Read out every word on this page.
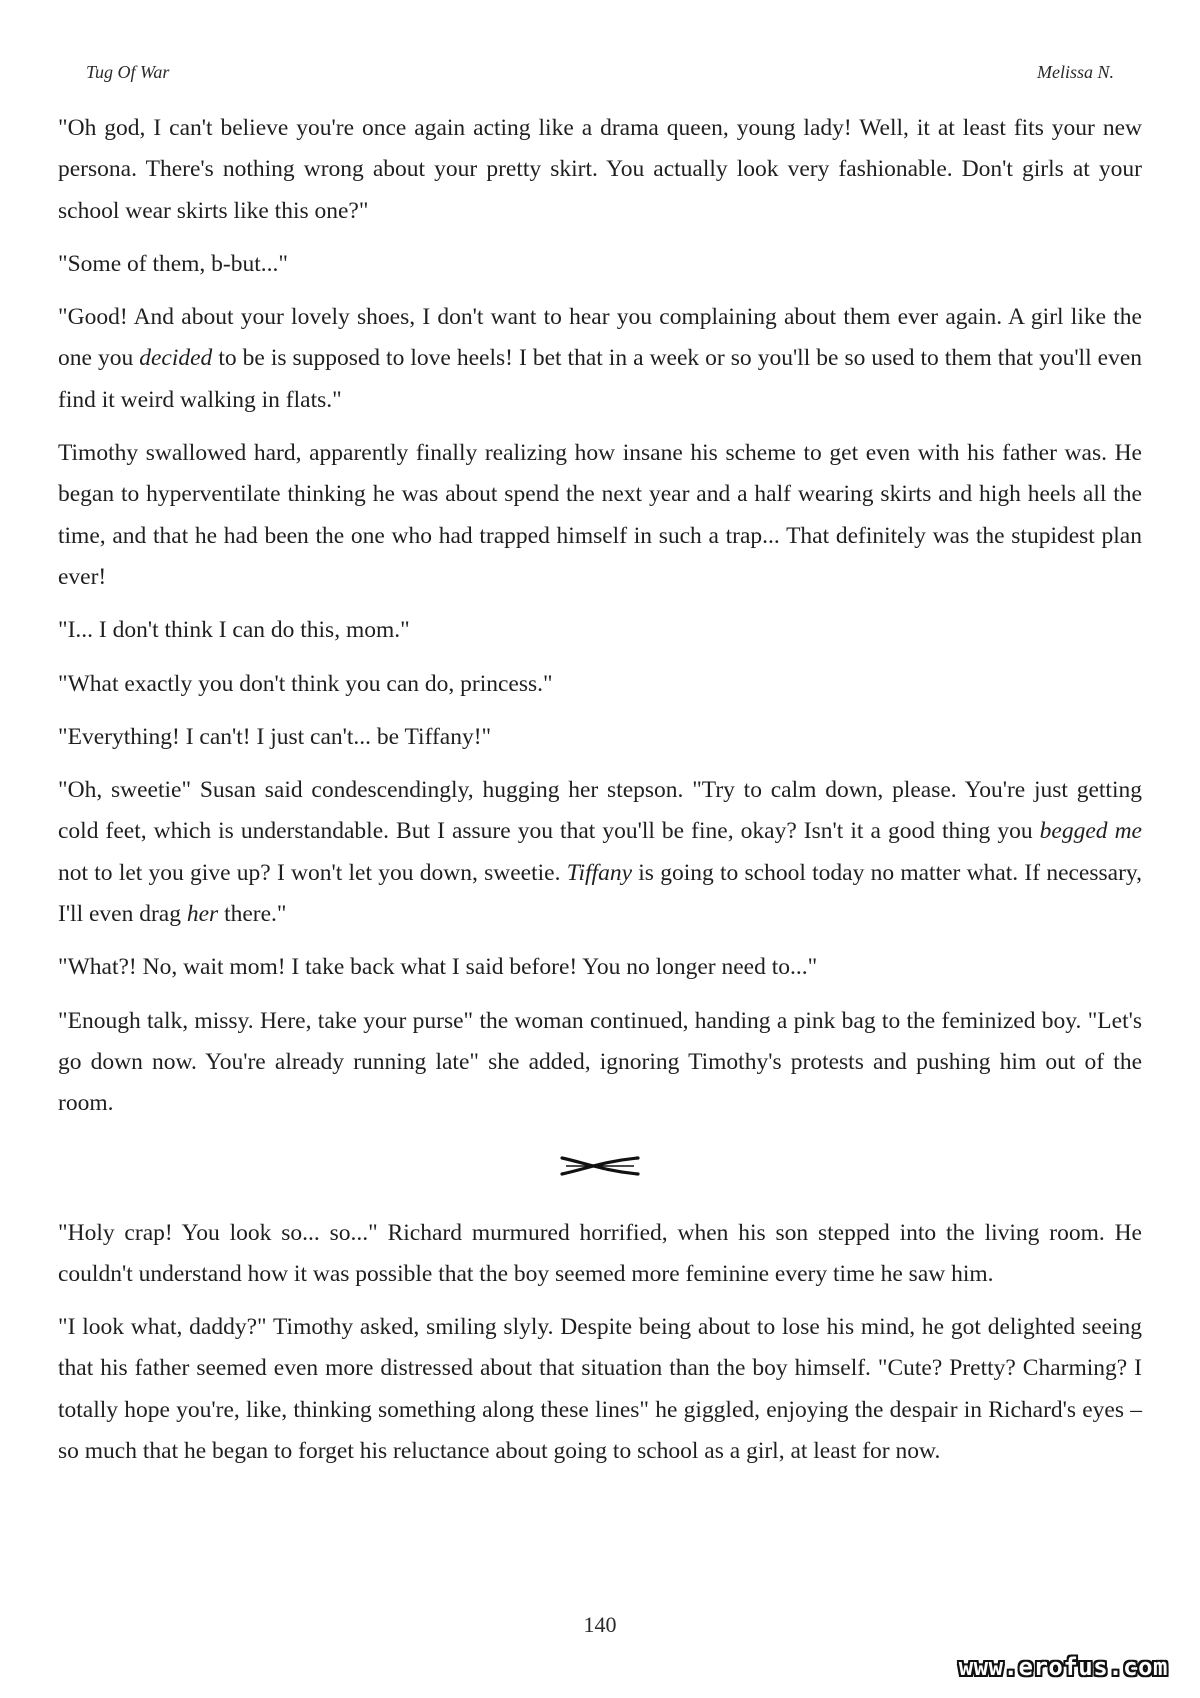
Tug Of War	Melissa N.

"Oh god, I can't believe you're once again acting like a drama queen, young lady! Well, it at least fits your new persona. There's nothing wrong about your pretty skirt. You actually look very fashionable. Don't girls at your school wear skirts like this one?"

"Some of them, b-but..."

"Good! And about your lovely shoes, I don't want to hear you complaining about them ever again. A girl like the one you decided to be is supposed to love heels! I bet that in a week or so you'll be so used to them that you'll even find it weird walking in flats."

Timothy swallowed hard, apparently finally realizing how insane his scheme to get even with his father was. He began to hyperventilate thinking he was about spend the next year and a half wearing skirts and high heels all the time, and that he had been the one who had trapped himself in such a trap... That definitely was the stupidest plan ever!

"I... I don't think I can do this, mom."

"What exactly you don't think you can do, princess."

"Everything! I can't! I just can't... be Tiffany!"

"Oh, sweetie" Susan said condescendingly, hugging her stepson. "Try to calm down, please. You're just getting cold feet, which is understandable. But I assure you that you'll be fine, okay? Isn't it a good thing you begged me not to let you give up? I won't let you down, sweetie. Tiffany is going to school today no matter what. If necessary, I'll even drag her there."

"What?! No, wait mom! I take back what I said before! You no longer need to..."

"Enough talk, missy. Here, take your purse" the woman continued, handing a pink bag to the feminized boy. "Let's go down now. You're already running late" she added, ignoring Timothy's protests and pushing him out of the room.

"Holy crap! You look so... so..." Richard murmured horrified, when his son stepped into the living room. He couldn't understand how it was possible that the boy seemed more feminine every time he saw him.

"I look what, daddy?" Timothy asked, smiling slyly. Despite being about to lose his mind, he got delighted seeing that his father seemed even more distressed about that situation than the boy himself. "Cute? Pretty? Charming? I totally hope you're, like, thinking something along these lines" he giggled, enjoying the despair in Richard's eyes – so much that he began to forget his reluctance about going to school as a girl, at least for now.

140
www.erofus.com
